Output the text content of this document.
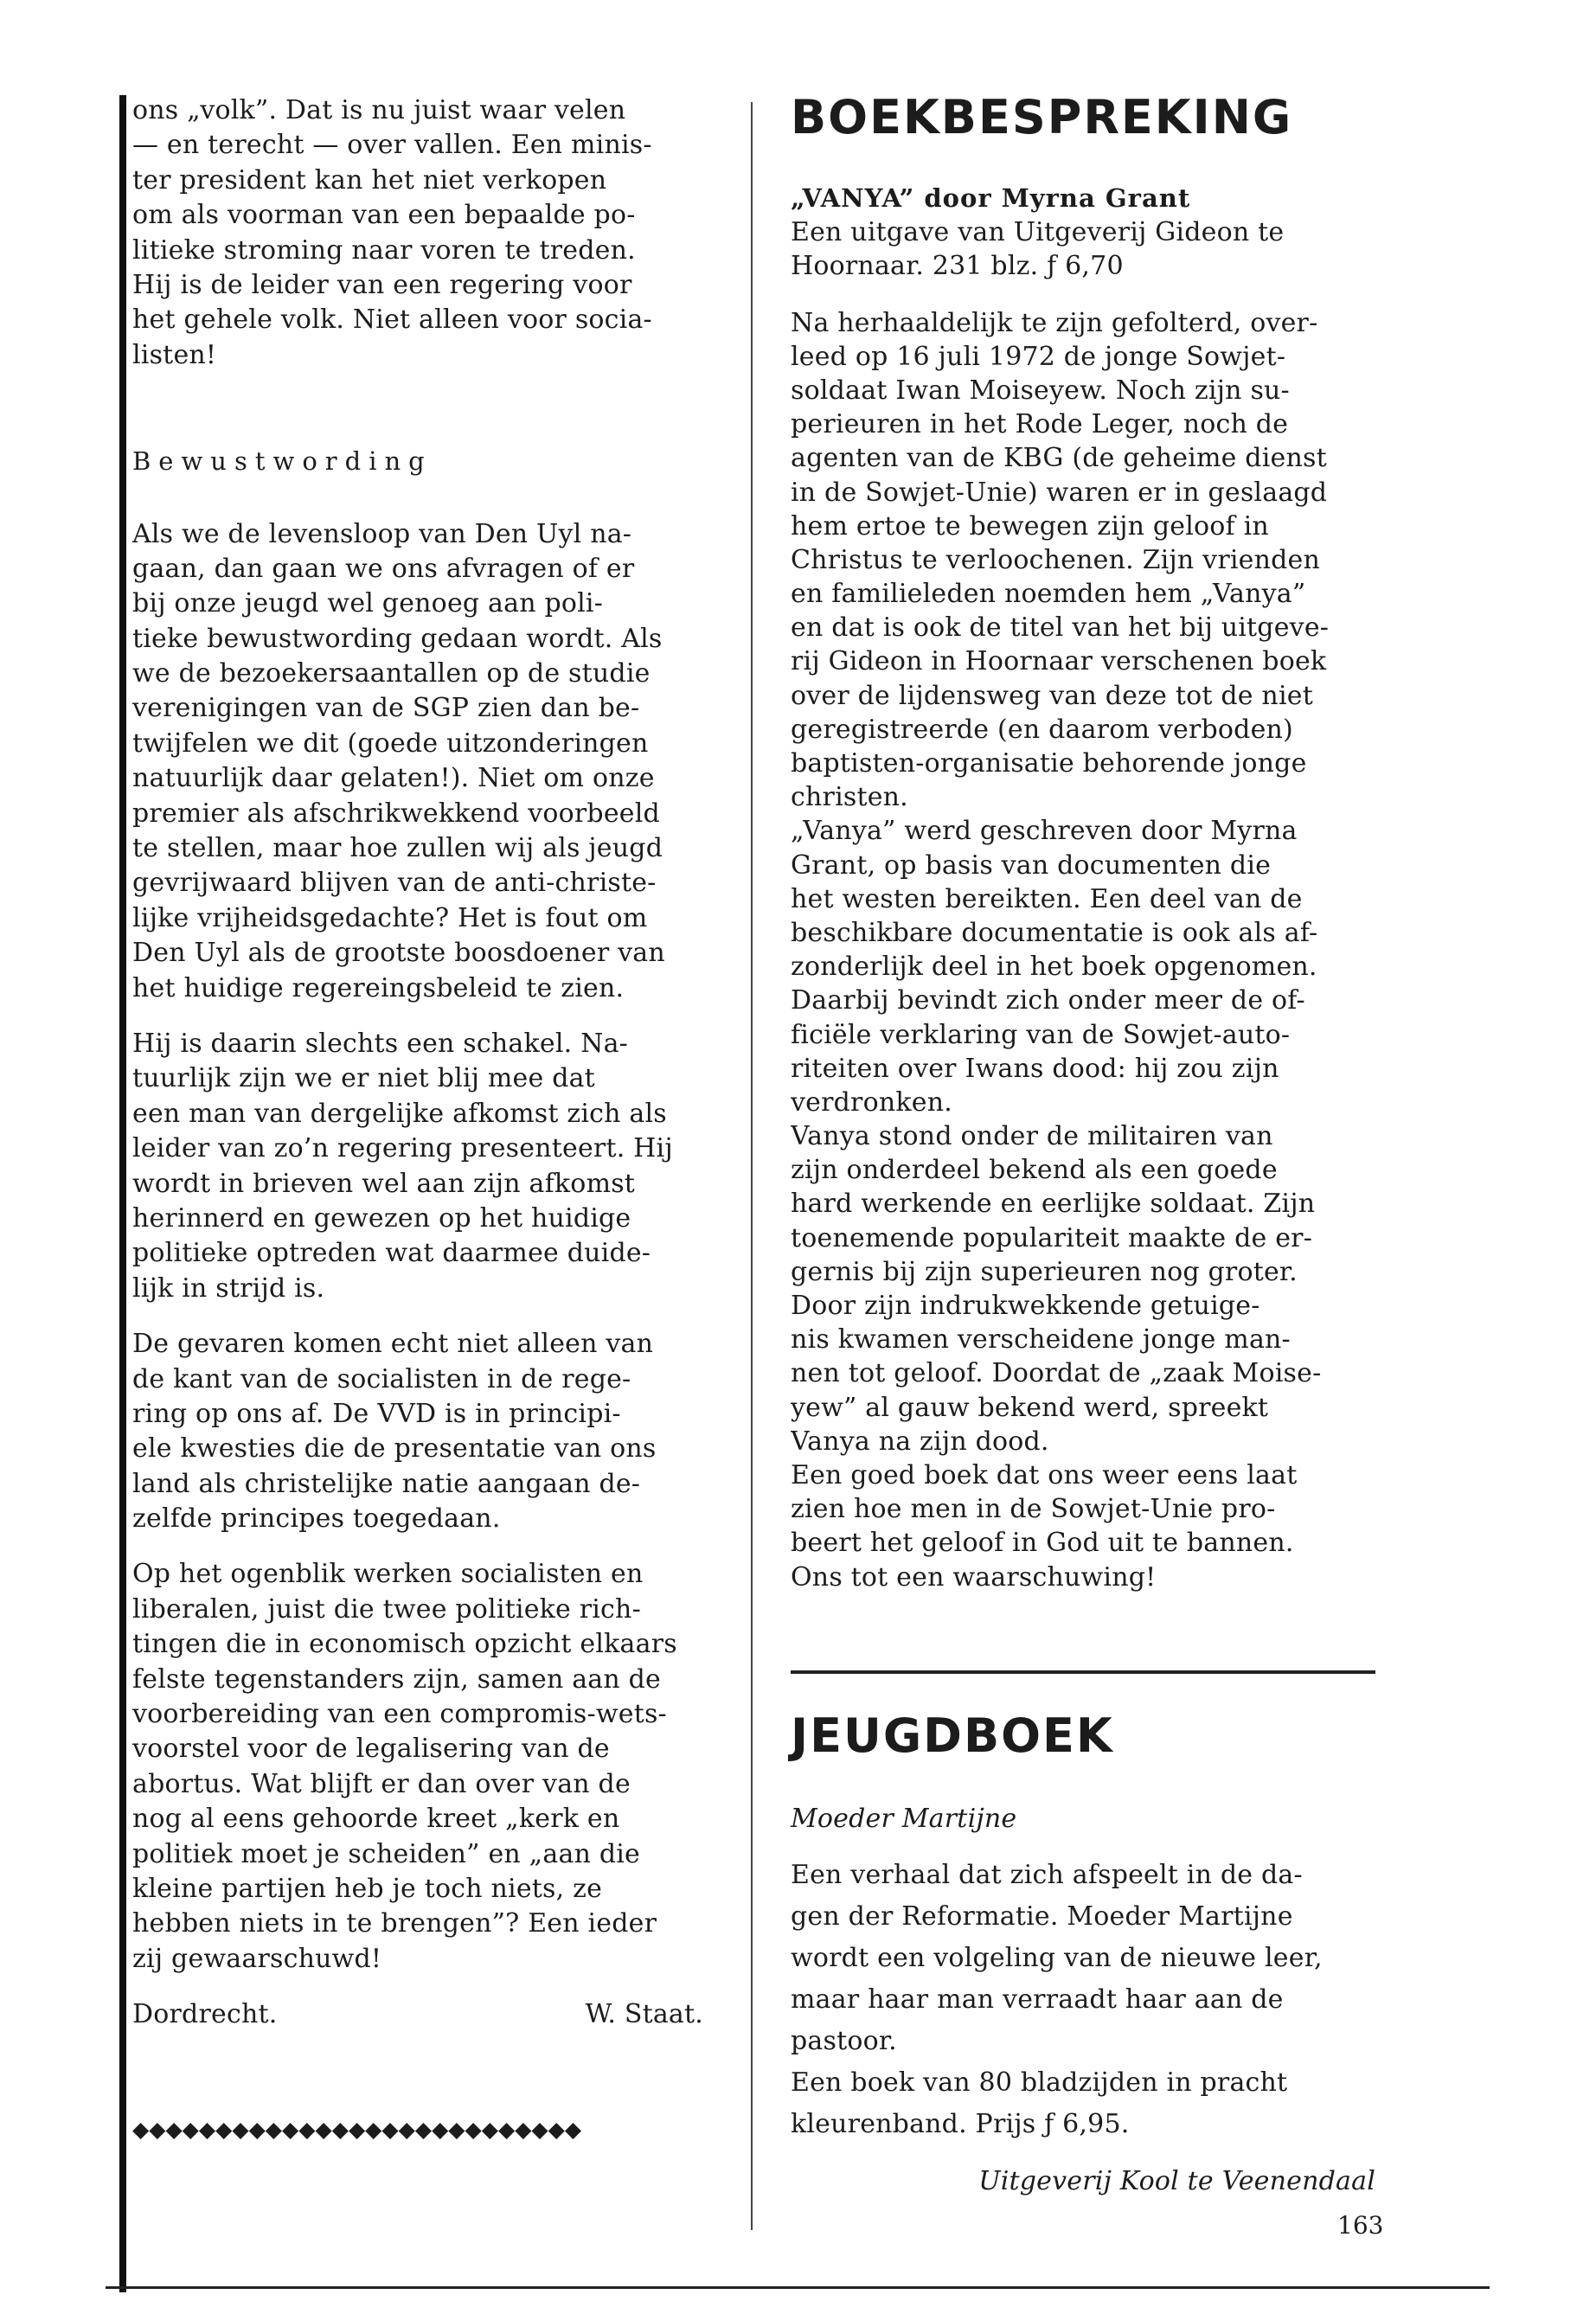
ons „volk”. Dat is nu juist waar velen
— en terecht — over vallen. Een minis-
ter president kan het niet verkopen
om als voorman van een bepaalde po-
litieke stroming naar voren te treden.
Hij is de leider van een regering voor
het gehele volk. Niet alleen voor socia-
listen!
Bewustwording
Als we de levensloop van Den Uyl na-
gaan, dan gaan we ons afvragen of er
bij onze jeugd wel genoeg aan poli-
tieke bewustwording gedaan wordt. Als
we de bezoekersaantallen op de studie
verenigingen van de SGP zien dan be-
twijfelen we dit (goede uitzonderingen
natuurlijk daar gelaten!). Niet om onze
premier als afschrikwekkend voorbeeld
te stellen, maar hoe zullen wij als jeugd
gevrijwaard blijven van de anti-christe-
lijke vrijheidsgedachte? Het is fout om
Den Uyl als de grootste boosdoener van
het huidige regereingsbeleid te zien.
Hij is daarin slechts een schakel. Na-
tuurlijk zijn we er niet blij mee dat
een man van dergelijke afkomst zich als
leider van zo’n regering presenteert. Hij
wordt in brieven wel aan zijn afkomst
herinnerd en gewezen op het huidige
politieke optreden wat daarmee duide-
lijk in strijd is.
De gevaren komen echt niet alleen van
de kant van de socialisten in de rege-
ring op ons af. De VVD is in principi-
ele kwesties die de presentatie van ons
land als christelijke natie aangaan de-
zelfde principes toegedaan.
Op het ogenblik werken socialisten en
liberalen, juist die twee politieke rich-
tingen die in economisch opzicht elkaars
felste tegenstanders zijn, samen aan de
voorbereiding van een compromis-wets-
voorstel voor de legalisering van de
abortus. Wat blijft er dan over van de
nog al eens gehoorde kreet „kerk en
politiek moet je scheiden” en „aan die
kleine partijen heb je toch niets, ze
hebben niets in te brengen”? Een ieder
zij gewaarschuwd!
Dordrecht.	W. Staat.
◆◆◆◆◆◆◆◆◆◆◆◆◆◆◆◆◆◆◆◆◆◆◆◆◆◆◆
BOEKBESPREKING
„VANYA” door Myrna Grant
Een uitgave van Uitgeverij Gideon te
Hoornaar. 231 blz. ƒ 6,70
Na herhaaldelijk te zijn gefolterd, over-
leed op 16 juli 1972 de jonge Sowjet-
soldaat Iwan Moiseyew. Noch zijn su-
perieuren in het Rode Leger, noch de
agenten van de KBG (de geheime dienst
in de Sowjet-Unie) waren er in geslaagd
hem ertoe te bewegen zijn geloof in
Christus te verloochenen. Zijn vrienden
en familieleden noemden hem „Vanya”
en dat is ook de titel van het bij uitgeve-
rij Gideon in Hoornaar verschenen boek
over de lijdensweg van deze tot de niet
geregistreerde (en daarom verboden)
baptisten-organisatie behorende jonge
christen.
„Vanya” werd geschreven door Myrna
Grant, op basis van documenten die
het westen bereikten. Een deel van de
beschikbare documentatie is ook als af-
zonderlijk deel in het boek opgenomen.
Daarbij bevindt zich onder meer de of-
ficiële verklaring van de Sowjet-auto-
riteiten over Iwans dood: hij zou zijn
verdronken.
Vanya stond onder de militairen van
zijn onderdeel bekend als een goede
hard werkende en eerlijke soldaat. Zijn
toenemende populariteit maakte de er-
gernis bij zijn superieuren nog groter.
Door zijn indrukwekkende getuige-
nis kwamen verscheidene jonge man-
nen tot geloof. Doordat de „zaak Moise-
yew” al gauw bekend werd, spreekt
Vanya na zijn dood.
Een goed boek dat ons weer eens laat
zien hoe men in de Sowjet-Unie pro-
beert het geloof in God uit te bannen.
Ons tot een waarschuwing!
JEUGDBOEK
Moeder Martijne
Een verhaal dat zich afspeelt in de da-
gen der Reformatie. Moeder Martijne
wordt een volgeling van de nieuwe leer,
maar haar man verraadt haar aan de
pastoor.
Een boek van 80 bladzijden in pracht
kleurenband. Prijs ƒ 6,95.
Uitgeverij Kool te Veenendaal
163
